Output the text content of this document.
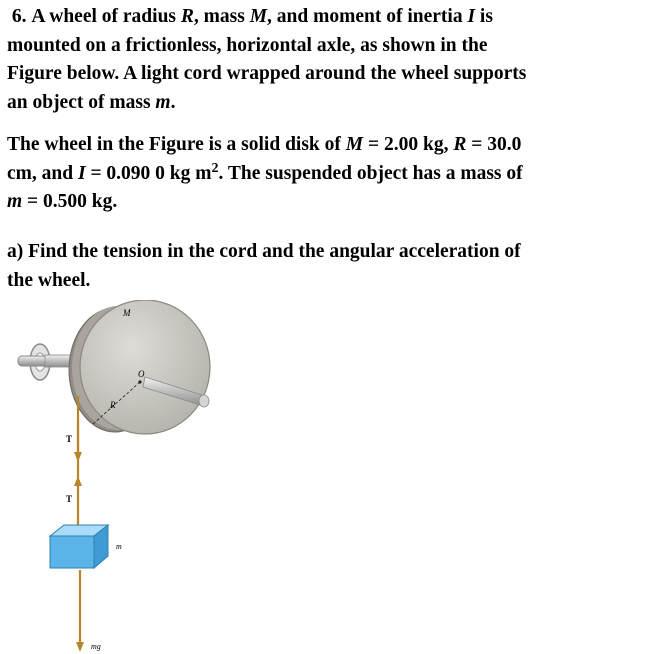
6. A wheel of radius R, mass M, and moment of inertia I is
mounted on a frictionless, horizontal axle, as shown in the
Figure below. A light cord wrapped around the wheel supports
an object of mass m.
The wheel in the Figure is a solid disk of M = 2.00 kg, R = 30.0
cm, and I = 0.090 0 kg $m^2$. The suspended object has a mass of
m = 0.500 kg.
a) Find the tension in the cord and the angular acceleration of
the wheel.
M
O
R
T
T
m
mg
